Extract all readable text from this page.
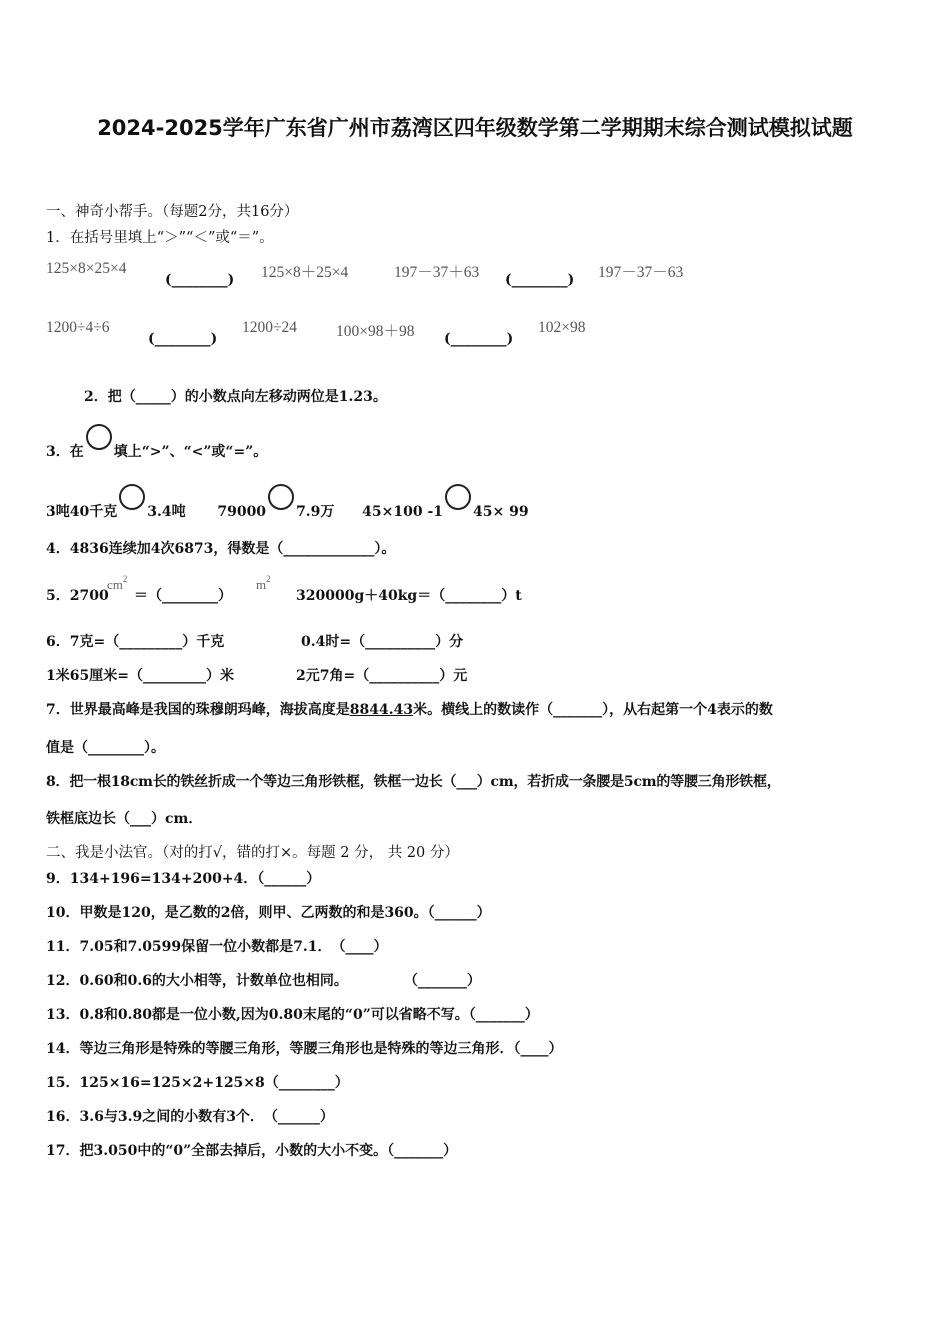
2024-2025学年广东省广州市荔湾区四年级数学第二学期期末综合测试模拟试题
一、神奇小帮手。（每题2分，共16分）
1．在括号里填上“＞”“＜”或“＝”。
125×8×25×4
(________) 125×8＋25×4	197－37＋63 (________) 197－37－63
1200÷4÷6
(________)
1200÷24	100×98＋98 (________)
102×98
2．把（_____）的小数点向左移动两位是1.23。
3．在 填上“>”、“<”或“=”。
3吨40千克 3.4吨 79000 7.9万 45×100 -1 45× 99
4．4836连续加4次6873，得数是（_____________）。
5．2700
$cm^2$
＝（________）
$m^2$
320000g＋40kg＝（________）t
6．7克=（_________）千克	0.4时=（__________）分
1米65厘米=（_________）米	2元7角=（__________）元
7．世界最高峰是我国的珠穆朗玛峰，海拔高度是8844.43米。横线上的数读作（_______），从右起第一个4表示的数
值是（________）。
8．把一根18cm长的铁丝折成一个等边三角形铁框，铁框一边长（___）cm，若折成一条腰是5cm的等腰三角形铁框，
铁框底边长（___）cm．
二、我是小法官。（对的打√，错的打×。每题 2 分， 共 20 分）
9．134+196=134+200+4．（______）
10．甲数是120，是乙数的2倍，则甲、乙两数的和是360。（______）
11．7.05和7.0599保留一位小数都是7.1．　（____）
12．0.60和0.6的大小相等，计数单位也相同。　　　　　（_______）
13．0.8和0.80都是一位小数,因为0.80末尾的“0”可以省略不写。（_______）
14．等边三角形是特殊的等腰三角形，等腰三角形也是特殊的等边三角形．（____）
15．125×16=125×2+125×8（________）
16．3.6与3.9之间的小数有3个．　（______）
17．把3.050中的“0”全部去掉后，小数的大小不变。（_______）
